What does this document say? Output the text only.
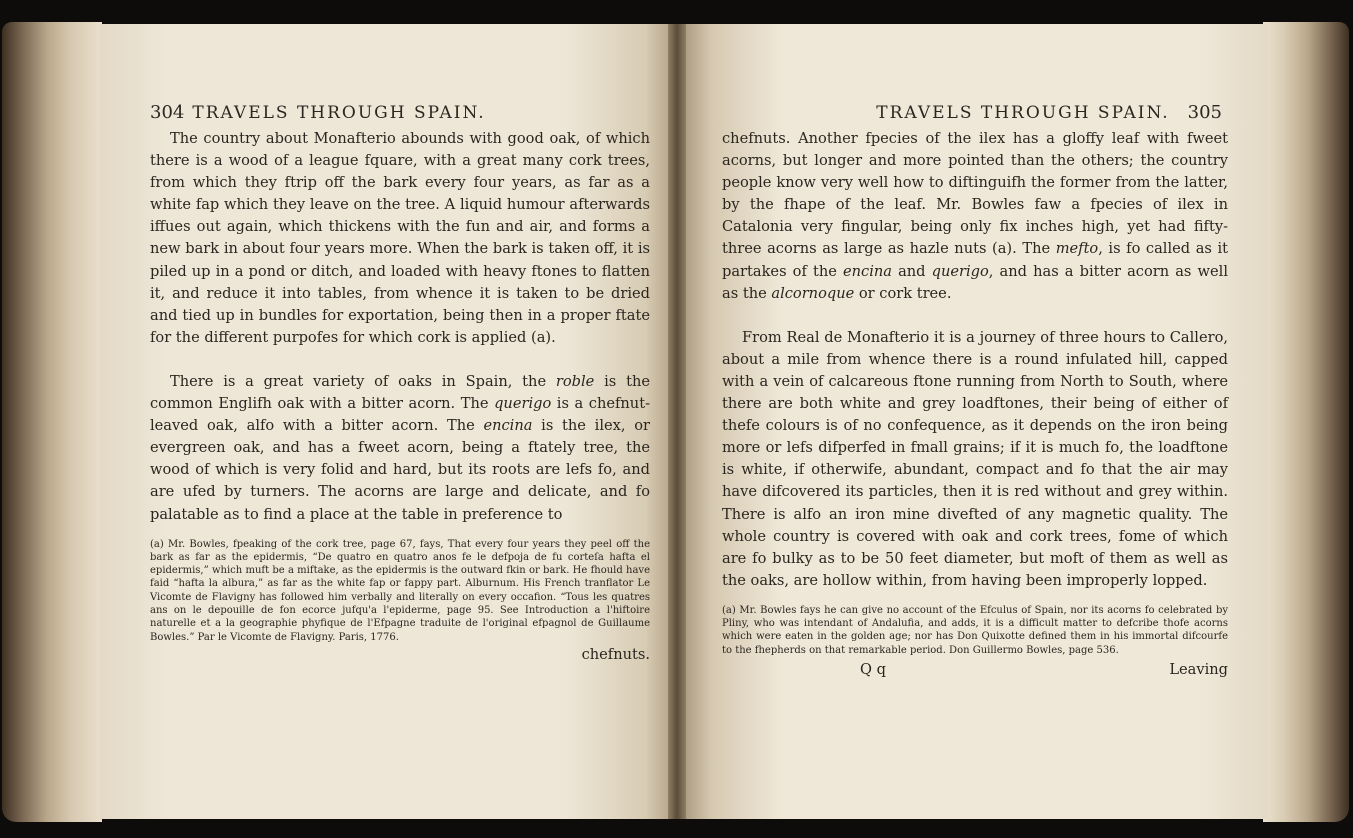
304 TRAVELS THROUGH SPAIN.

The country about Monafterio abounds with good oak, of which there is a wood of a league fquare, with a great many cork trees, from which they ftrip off the bark every four years, as far as a white fap which they leave on the tree. A liquid humour afterwards iffues out again, which thickens with the fun and air, and forms a new bark in about four years more. When the bark is taken off, it is piled up in a pond or ditch, and loaded with heavy ftones to flatten it, and reduce it into tables, from whence it is taken to be dried and tied up in bundles for exportation, being then in a proper ftate for the different purpofes for which cork is applied (a).

There is a great variety of oaks in Spain, the roble is the common Englifh oak with a bitter acorn. The querigo is a chefnut-leaved oak, alfo with a bitter acorn. The encina is the ilex, or evergreen oak, and has a fweet acorn, being a ftately tree, the wood of which is very folid and hard, but its roots are lefs fo, and are ufed by turners. The acorns are large and delicate, and fo palatable as to find a place at the table in preference to

(a) Mr. Bowles, fpeaking of the cork tree, page 67, fays, That every four years they peel off the bark as far as the epidermis, “De quatro en quatro anos fe le defpoja de fu corteſa hafta el epidermis,” which muft be a miftake, as the epidermis is the outward fkin or bark. He fhould have faid “hafta la albura,” as far as the white fap or fappy part. Alburnum. His French tranflator Le Vicomte de Flavigny has followed him verbally and literally on every occafion. “Tous les quatres ans on le depouille de fon ecorce jufqu'a l'epiderme, page 95. See Introduction a l'hiftoire naturelle et a la geographie phyfique de l'Efpagne traduite de l'original efpagnol de Guillaume Bowles.” Par le Vicomte de Flavigny. Paris, 1776.
chefnuts.
TRAVELS THROUGH SPAIN. 305

chefnuts. Another fpecies of the ilex has a gloffy leaf with fweet acorns, but longer and more pointed than the others; the country people know very well how to diftinguifh the former from the latter, by the fhape of the leaf. Mr. Bowles faw a fpecies of ilex in Catalonia very fingular, being only fix inches high, yet had fifty-three acorns as large as hazle nuts (a). The mefto, is fo called as it partakes of the encina and querigo, and has a bitter acorn as well as the alcornoque or cork tree.

From Real de Monafterio it is a journey of three hours to Callero, about a mile from whence there is a round infulated hill, capped with a vein of calcareous ftone running from North to South, where there are both white and grey loadftones, their being of either of thefe colours is of no confequence, as it depends on the iron being more or lefs difperfed in fmall grains; if it is much fo, the loadftone is white, if otherwife, abundant, compact and fo that the air may have difcovered its particles, then it is red without and grey within. There is alfo an iron mine divefted of any magnetic quality. The whole country is covered with oak and cork trees, fome of which are fo bulky as to be 50 feet diameter, but moft of them as well as the oaks, are hollow within, from having been improperly lopped.

(a) Mr. Bowles fays he can give no account of the Efculus of Spain, nor its acorns fo celebrated by Pliny, who was intendant of Andalufia, and adds, it is a difficult matter to defcribe thofe acorns which were eaten in the golden age; nor has Don Quixotte defined them in his immortal difcourfe to the fhepherds on that remarkable period. Don Guillermo Bowles, page 536.
Q q	Leaving
